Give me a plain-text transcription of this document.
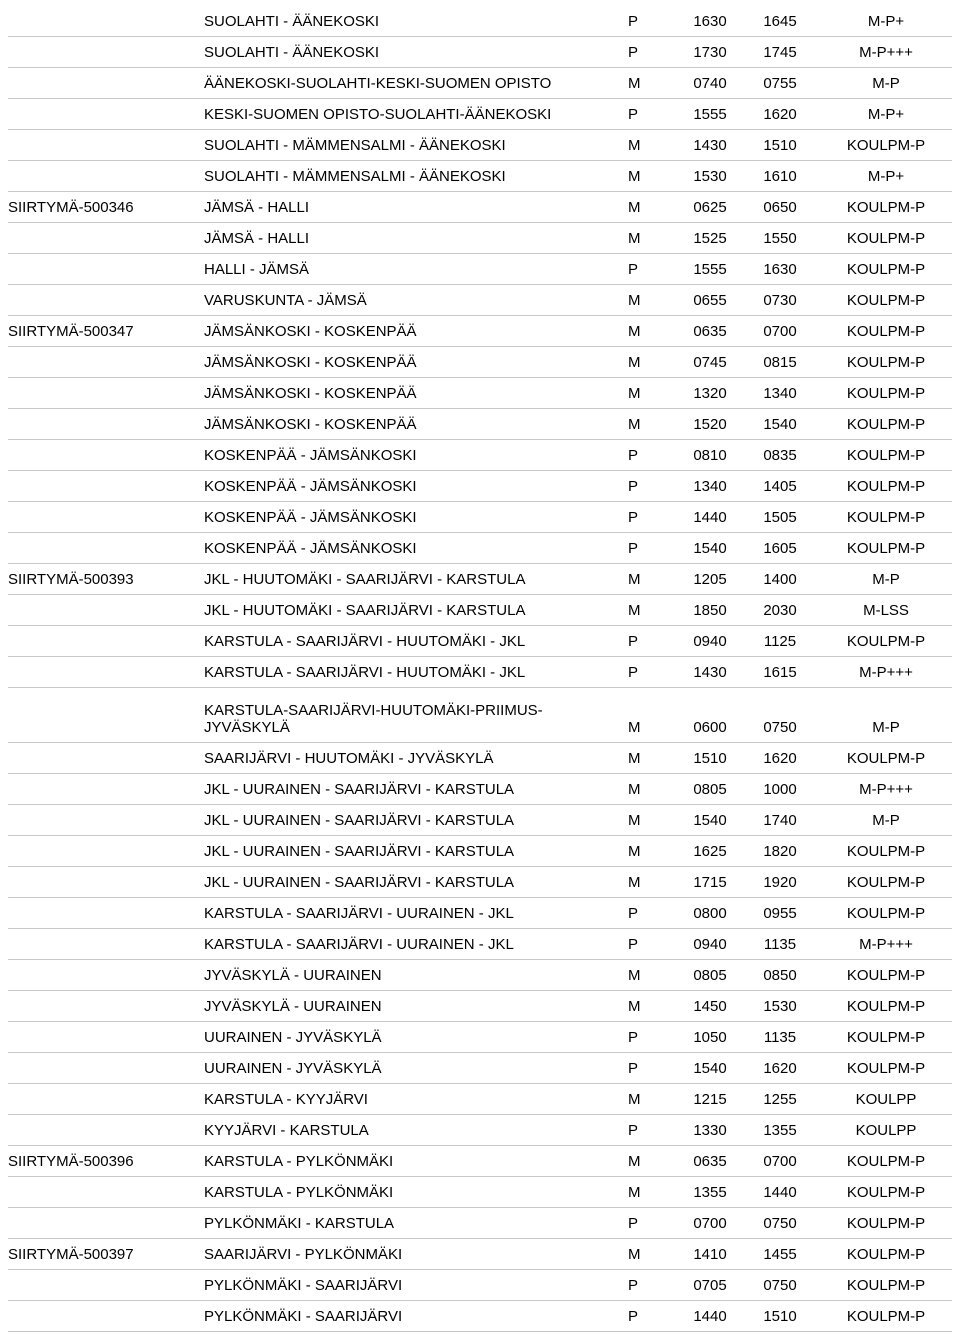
	SUOLAHTI - ÄÄNEKOSKI	P	1630	1645	M-P+
	SUOLAHTI - ÄÄNEKOSKI	P	1730	1745	M-P+++
	ÄÄNEKOSKI-SUOLAHTI-KESKI-SUOMEN OPISTO	M	0740	0755	M-P
	KESKI-SUOMEN OPISTO-SUOLAHTI-ÄÄNEKOSKI	P	1555	1620	M-P+
	SUOLAHTI - MÄMMENSALMI - ÄÄNEKOSKI	M	1430	1510	KOULPM-P
	SUOLAHTI - MÄMMENSALMI - ÄÄNEKOSKI	M	1530	1610	M-P+
SIIRTYMÄ-500346	JÄMSÄ - HALLI	M	0625	0650	KOULPM-P
	JÄMSÄ - HALLI	M	1525	1550	KOULPM-P
	HALLI - JÄMSÄ	P	1555	1630	KOULPM-P
	VARUSKUNTA - JÄMSÄ	M	0655	0730	KOULPM-P
SIIRTYMÄ-500347	JÄMSÄNKOSKI - KOSKENPÄÄ	M	0635	0700	KOULPM-P
	JÄMSÄNKOSKI - KOSKENPÄÄ	M	0745	0815	KOULPM-P
	JÄMSÄNKOSKI - KOSKENPÄÄ	M	1320	1340	KOULPM-P
	JÄMSÄNKOSKI - KOSKENPÄÄ	M	1520	1540	KOULPM-P
	KOSKENPÄÄ - JÄMSÄNKOSKI	P	0810	0835	KOULPM-P
	KOSKENPÄÄ - JÄMSÄNKOSKI	P	1340	1405	KOULPM-P
	KOSKENPÄÄ - JÄMSÄNKOSKI	P	1440	1505	KOULPM-P
	KOSKENPÄÄ - JÄMSÄNKOSKI	P	1540	1605	KOULPM-P
SIIRTYMÄ-500393	JKL - HUUTOMÄKI - SAARIJÄRVI - KARSTULA	M	1205	1400	M-P
	JKL - HUUTOMÄKI - SAARIJÄRVI - KARSTULA	M	1850	2030	M-LSS
	KARSTULA - SAARIJÄRVI - HUUTOMÄKI - JKL	P	0940	1125	KOULPM-P
	KARSTULA - SAARIJÄRVI - HUUTOMÄKI - JKL	P	1430	1615	M-P+++
	KARSTULA-SAARIJÄRVI-HUUTOMÄKI-PRIIMUS-JYVÄSKYLÄ	M	0600	0750	M-P
	SAARIJÄRVI - HUUTOMÄKI - JYVÄSKYLÄ	M	1510	1620	KOULPM-P
	JKL - UURAINEN - SAARIJÄRVI - KARSTULA	M	0805	1000	M-P+++
	JKL - UURAINEN - SAARIJÄRVI - KARSTULA	M	1540	1740	M-P
	JKL - UURAINEN - SAARIJÄRVI - KARSTULA	M	1625	1820	KOULPM-P
	JKL - UURAINEN - SAARIJÄRVI - KARSTULA	M	1715	1920	KOULPM-P
	KARSTULA - SAARIJÄRVI - UURAINEN - JKL	P	0800	0955	KOULPM-P
	KARSTULA - SAARIJÄRVI - UURAINEN - JKL	P	0940	1135	M-P+++
	JYVÄSKYLÄ - UURAINEN	M	0805	0850	KOULPM-P
	JYVÄSKYLÄ - UURAINEN	M	1450	1530	KOULPM-P
	UURAINEN - JYVÄSKYLÄ	P	1050	1135	KOULPM-P
	UURAINEN - JYVÄSKYLÄ	P	1540	1620	KOULPM-P
	KARSTULA - KYYJÄRVI	M	1215	1255	KOULPP
	KYYJÄRVI - KARSTULA	P	1330	1355	KOULPP
SIIRTYMÄ-500396	KARSTULA - PYLKÖNMÄKI	M	0635	0700	KOULPM-P
	KARSTULA - PYLKÖNMÄKI	M	1355	1440	KOULPM-P
	PYLKÖNMÄKI - KARSTULA	P	0700	0750	KOULPM-P
SIIRTYMÄ-500397	SAARIJÄRVI - PYLKÖNMÄKI	M	1410	1455	KOULPM-P
	PYLKÖNMÄKI - SAARIJÄRVI	P	0705	0750	KOULPM-P
	PYLKÖNMÄKI - SAARIJÄRVI	P	1440	1510	KOULPM-P
